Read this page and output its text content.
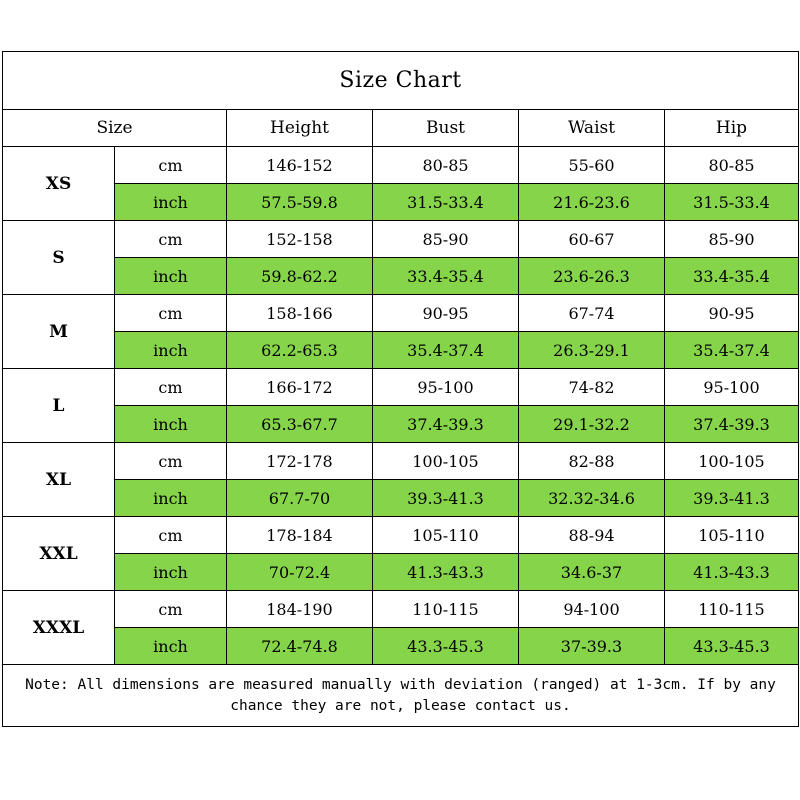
Size Chart					
Size		Height	Bust	Waist	Hip
XS	cm	146-152	80-85	55-60	80-85
	inch	57.5-59.8	31.5-33.4	21.6-23.6	31.5-33.4
S	cm	152-158	85-90	60-67	85-90
	inch	59.8-62.2	33.4-35.4	23.6-26.3	33.4-35.4
M	cm	158-166	90-95	67-74	90-95
	inch	62.2-65.3	35.4-37.4	26.3-29.1	35.4-37.4
L	cm	166-172	95-100	74-82	95-100
	inch	65.3-67.7	37.4-39.3	29.1-32.2	37.4-39.3
XL	cm	172-178	100-105	82-88	100-105
	inch	67.7-70	39.3-41.3	32.32-34.6	39.3-41.3
XXL	cm	178-184	105-110	88-94	105-110
	inch	70-72.4	41.3-43.3	34.6-37	41.3-43.3
XXXL	cm	184-190	110-115	94-100	110-115
	inch	72.4-74.8	43.3-45.3	37-39.3	43.3-45.3
Note: All dimensions are measured manually with deviation (ranged) at 1-3cm. If by any chance they are not, please contact us.					
